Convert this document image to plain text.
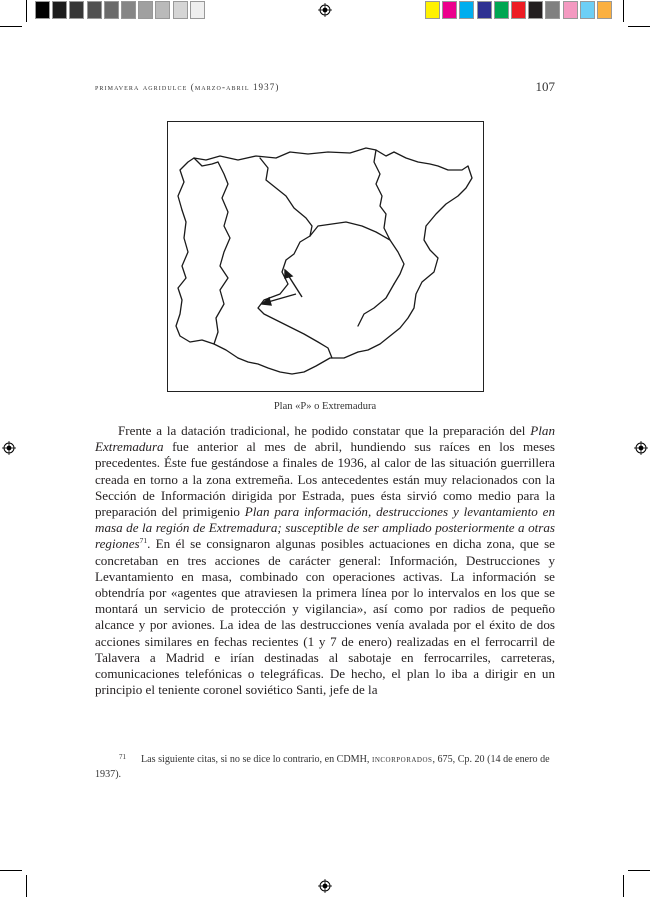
primavera agridulce (marzo-abril 1937)	107
Plan «P» o Extremadura

Frente a la datación tradicional, he podido constatar que la preparación del Plan Extremadura fue anterior al mes de abril, hundiendo sus raíces en los meses precedentes. Éste fue gestándose a finales de 1936, al calor de las situación guerrillera creada en torno a la zona extremeña. Los antecedentes están muy relacionados con la Sección de Información dirigida por Estrada, pues ésta sirvió como medio para la preparación del primigenio Plan para información, destrucciones y levantamiento en masa de la región de Extremadura; susceptible de ser ampliado posteriormente a otras regiones$^{71}$. En él se consignaron algunas posibles actuaciones en dicha zona, que se concretaban en tres acciones de carácter general: Información, Destrucciones y Levantamiento en masa, combinado con operaciones activas. La información se obtendría por «agentes que atraviesen la primera línea por lo intervalos en los que se montará un servicio de protección y vigilancia», así como por radios de pequeño alcance y por aviones. La idea de las destrucciones venía avalada por el éxito de dos acciones similares en fechas recientes (1 y 7 de enero) realizadas en el ferrocarril de Talavera a Madrid e irían destinadas al sabotaje en ferrocarriles, carreteras, comunicaciones telefónicas o telegráficas. De hecho, el plan lo iba a dirigir en un principio el teniente coronel soviético Santi, jefe de la

71 Las siguiente citas, si no se dice lo contrario, en CDMH, incorporados, 675, Cp. 20 (14 de enero de 1937).
